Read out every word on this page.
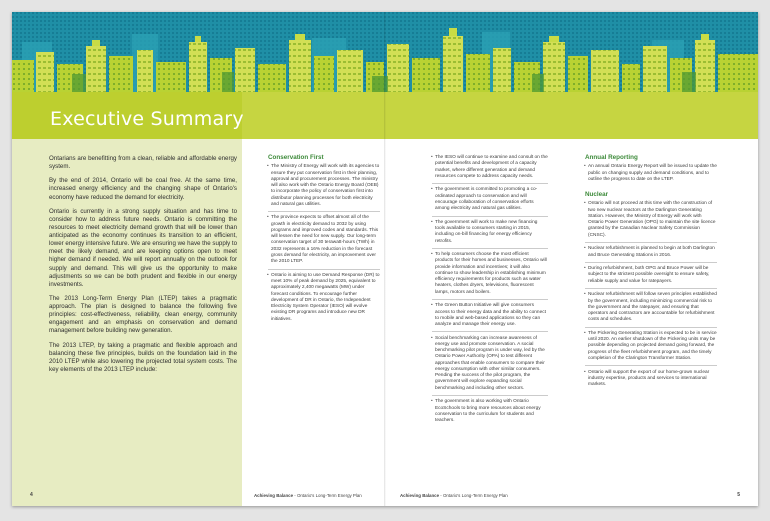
Executive Summary

Ontarians are benefitting from a clean, reliable and affordable energy system.

By the end of 2014, Ontario will be coal free. At the same time, increased energy efficiency and the changing shape of Ontario's economy have reduced the demand for electricity.

Ontario is currently in a strong supply situation and has time to consider how to address future needs. Ontario is committing the resources to meet electricity demand growth that will be lower than anticipated as the economy continues its transition to an efficient, lower energy intensive future. We are ensuring we have the supply to meet the likely demand, and are keeping options open to meet higher demand if needed. We will report annually on the outlook for supply and demand. This will give us the opportunity to make adjustments so we can be both prudent and flexible in our energy investments.

The 2013 Long-Term Energy Plan (LTEP) takes a pragmatic approach. The plan is designed to balance the following five principles: cost-effectiveness, reliability, clean energy, community engagement and an emphasis on conservation and demand management before building new generation.

The 2013 LTEP, by taking a pragmatic and flexible approach and balancing these five principles, builds on the foundation laid in the 2010 LTEP while also lowering the projected total system costs. The key elements of the 2013 LTEP include:

Conservation First
• The Ministry of Energy will work with its agencies to ensure they put conservation first in their planning, approval and procurement processes. The ministry will also work with the Ontario Energy Board (OEB) to incorporate the policy of conservation first into distributor planning processes for both electricity and natural gas utilities.
• The province expects to offset almost all of the growth in electricity demand to 2032 by using programs and improved codes and standards. This will lessen the need for new supply. Our long-term conservation target of 30 terawatt-hours (TWh) in 2032 represents a 16% reduction in the forecast gross demand for electricity, an improvement over the 2010 LTEP.
• Ontario is aiming to use Demand Response (DR) to meet 10% of peak demand by 2025, equivalent to approximately 2,400 megawatts (MW) under forecast conditions. To encourage further development of DR in Ontario, the Independent Electricity System Operator (IESO) will evolve existing DR programs and introduce new DR initiatives.
• The IESO will continue to examine and consult on the potential benefits and development of a capacity market, where different generation and demand resources compete to address capacity needs.
• The government is committed to promoting a co-ordinated approach to conservation and will encourage collaboration of conservation efforts among electricity and natural gas utilities.
• The government will work to make new financing tools available to consumers starting in 2015, including on-bill financing for energy efficiency retrofits.
• To help consumers choose the most efficient products for their homes and businesses, Ontario will provide information and incentives; it will also continue to show leadership in establishing minimum efficiency requirements for products such as water heaters, clothes dryers, televisions, fluorescent lamps, motors and boilers.
• The Green Button Initiative will give consumers access to their energy data and the ability to connect to mobile and web-based applications so they can analyze and manage their energy use.
• Social benchmarking can increase awareness of energy use and promote conservation. A social benchmarking pilot program is under way, led by the Ontario Power Authority (OPA) to test different approaches that enable consumers to compare their energy consumption with other similar consumers. Pending the success of the pilot program, the government will explore expanding social benchmarking and including other sectors.
• The government is also working with Ontario EcoSchools to bring more resources about energy conservation to the curriculum for students and teachers.
Annual Reporting
• An annual Ontario Energy Report will be issued to update the public on changing supply and demand conditions, and to outline the progress to date on the LTEP.
Nuclear
• Ontario will not proceed at this time with the construction of two new nuclear reactors at the Darlington Generating Station. However, the Ministry of Energy will work with Ontario Power Generation (OPG) to maintain the site licence granted by the Canadian Nuclear Safety Commission (CNSC).
• Nuclear refurbishment is planned to begin at both Darlington and Bruce Generating Stations in 2016.
• During refurbishment, both OPG and Bruce Power will be subject to the strictest possible oversight to ensure safety, reliable supply and value for ratepayers.
• Nuclear refurbishment will follow seven principles established by the government, including minimizing commercial risk to the government and the ratepayer, and ensuring that operators and contractors are accountable for refurbishment costs and schedules.
• The Pickering Generating Station is expected to be in service until 2020. An earlier shutdown of the Pickering units may be possible depending on projected demand going forward, the progress of the fleet refurbishment program, and the timely completion of the Clarington Transformer Station.
• Ontario will support the export of our home-grown nuclear industry expertise, products and services to international markets.
4	Achieving Balance - Ontario's Long-Term Energy Plan	Achieving Balance - Ontario's Long-Term Energy Plan	5
